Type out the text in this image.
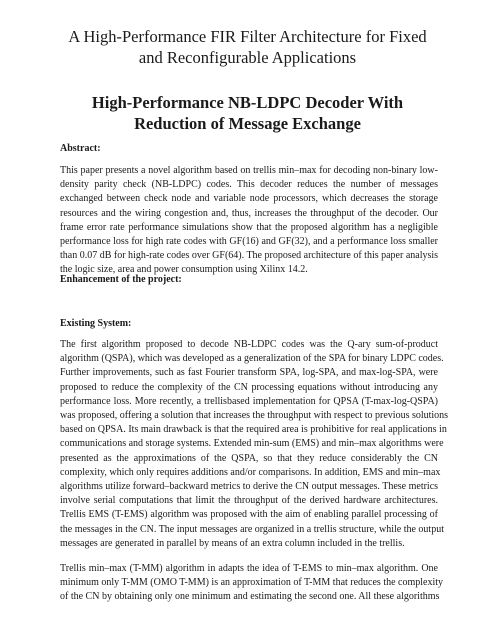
A High-Performance FIR Filter Architecture for Fixed
and Reconfigurable Applications
High-Performance NB-LDPC Decoder With
Reduction of Message Exchange
Abstract:
This paper presents a novel algorithm based on trellis min–max for decoding non-binary low-
density parity check (NB-LDPC) codes. This decoder reduces the number of messages
exchanged between check node and variable node processors, which decreases the storage
resources and the wiring congestion and, thus, increases the throughput of the decoder. Our
frame error rate performance simulations show that the proposed algorithm has a negligible
performance loss for high rate codes with GF(16) and GF(32), and a performance loss smaller
than 0.07 dB for high-rate codes over GF(64). The proposed architecture of this paper analysis
the logic size, area and power consumption using Xilinx 14.2.
Enhancement of the project:
Existing System:
The first algorithm proposed to decode NB-LDPC codes was the Q-ary sum-of-product
algorithm (QSPA), which was developed as a generalization of the SPA for binary LDPC codes.
Further improvements, such as fast Fourier transform SPA, log-SPA, and max-log-SPA, were
proposed to reduce the complexity of the CN processing equations without introducing any
performance loss. More recently, a trellisbased implementation for QPSA (T-max-log-QSPA)
was proposed, offering a solution that increases the throughput with respect to previous solutions
based on QPSA. Its main drawback is that the required area is prohibitive for real applications in
communications and storage systems. Extended min-sum (EMS) and min–max algorithms were
presented as the approximations of the QSPA, so that they reduce considerably the CN
complexity, which only requires additions and/or comparisons. In addition, EMS and min–max
algorithms utilize forward–backward metrics to derive the CN output messages. These metrics
involve serial computations that limit the throughput of the derived hardware architectures.
Trellis EMS (T-EMS) algorithm was proposed with the aim of enabling parallel processing of
the messages in the CN. The input messages are organized in a trellis structure, while the output
messages are generated in parallel by means of an extra column included in the trellis.
Trellis min–max (T-MM) algorithm in adapts the idea of T-EMS to min–max algorithm. One
minimum only T-MM (OMO T-MM) is an approximation of T-MM that reduces the complexity
of the CN by obtaining only one minimum and estimating the second one. All these algorithms
